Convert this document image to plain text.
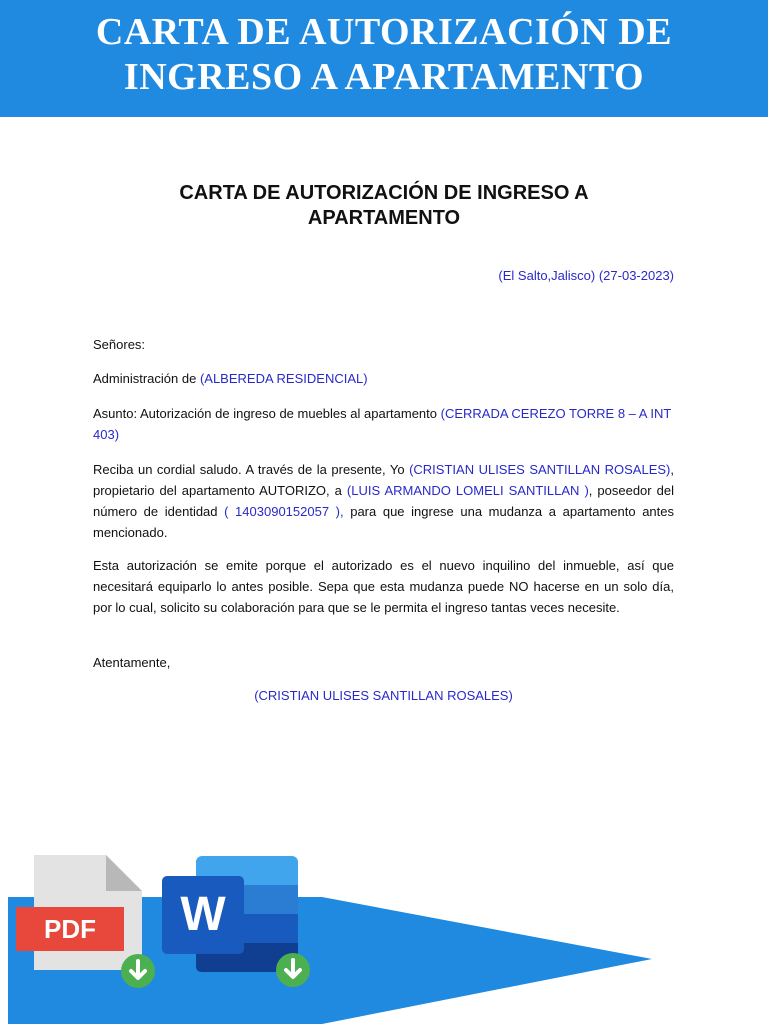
CARTA DE AUTORIZACIÓN DE
INGRESO A APARTAMENTO

CARTA DE AUTORIZACIÓN DE INGRESO A
APARTAMENTO

(El Salto,Jalisco) (27-03-2023)

Señores:

Administración de (ALBEREDA RESIDENCIAL)

Asunto: Autorización de ingreso de muebles al apartamento (CERRADA CEREZO TORRE 8 – A INT 403)

Reciba un cordial saludo. A través de la presente, Yo (CRISTIAN ULISES SANTILLAN ROSALES), propietario del apartamento AUTORIZO, a (LUIS ARMANDO LOMELI SANTILLAN ), poseedor del número de identidad ( 1403090152057 ), para que ingrese una mudanza a apartamento antes mencionado.

Esta autorización se emite porque el autorizado es el nuevo inquilino del inmueble, así que necesitará equiparlo lo antes posible. Sepa que esta mudanza puede NO hacerse en un solo día, por lo cual, solicito su colaboración para que se le permita el ingreso tantas veces necesite.

Atentamente,

(CRISTIAN ULISES SANTILLAN ROSALES)
PDF	W
